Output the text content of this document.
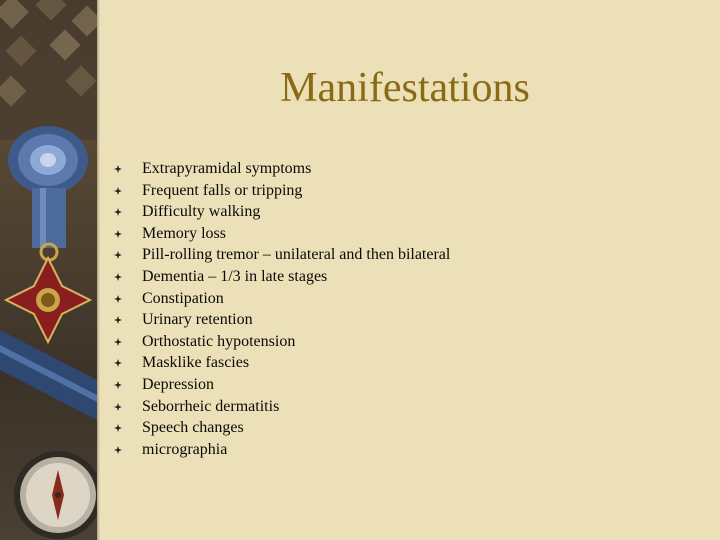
Manifestations
Extrapyramidal symptoms
Frequent falls or tripping
Difficulty walking
Memory loss
Pill-rolling tremor – unilateral and then bilateral
Dementia – 1/3 in late stages
Constipation
Urinary retention
Orthostatic hypotension
Masklike fascies
Depression
Seborrheic dermatitis
Speech changes
micrographia
